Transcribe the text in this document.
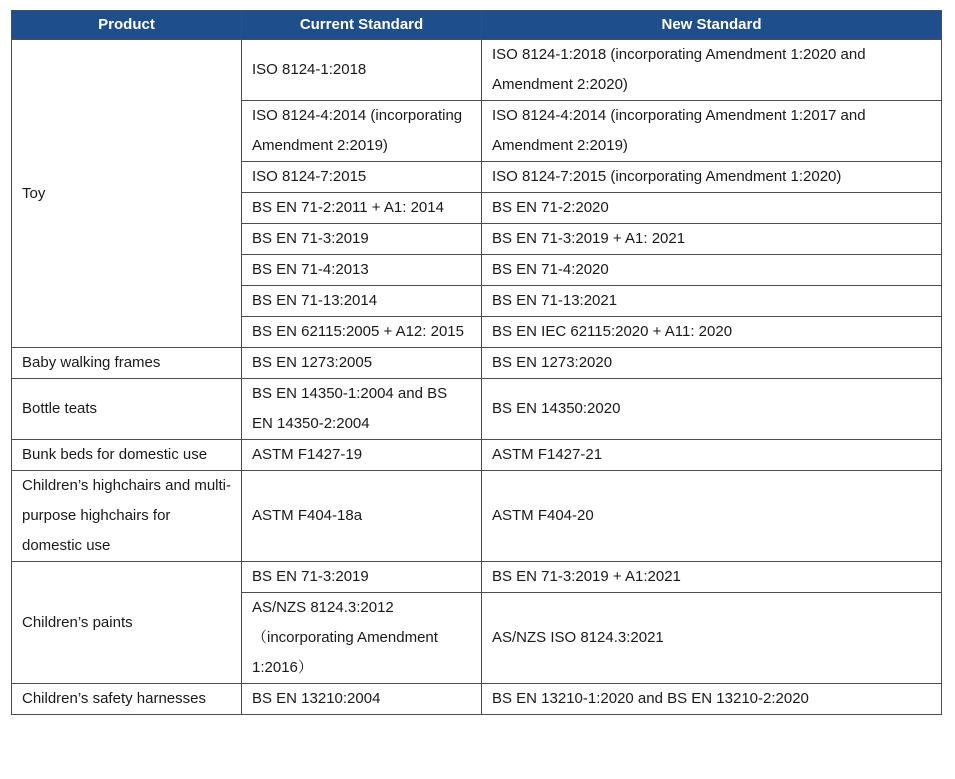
Product	Current Standard	New Standard
Toy	ISO 8124-1:2018	ISO 8124-1:2018 (incorporating Amendment 1:2020 and Amendment 2:2020)
	ISO 8124-4:2014 (incorporating Amendment 2:2019)	ISO 8124-4:2014 (incorporating Amendment 1:2017 and Amendment 2:2019)
	ISO 8124-7:2015	ISO 8124-7:2015 (incorporating Amendment 1:2020)
	BS EN 71-2:2011 + A1: 2014	BS EN 71-2:2020
	BS EN 71-3:2019	BS EN 71-3:2019 + A1: 2021
	BS EN 71-4:2013	BS EN 71-4:2020
	BS EN 71-13:2014	BS EN 71-13:2021
	BS EN 62115:2005 + A12: 2015	BS EN IEC 62115:2020 + A11: 2020
Baby walking frames	BS EN 1273:2005	BS EN 1273:2020
Bottle teats	BS EN 14350-1:2004 and BS EN 14350-2:2004	BS EN 14350:2020
Bunk beds for domestic use	ASTM F1427-19	ASTM F1427-21
Children’s highchairs and multi-purpose highchairs for domestic use	ASTM F404-18a	ASTM F404-20
Children’s paints	BS EN 71-3:2019	BS EN 71-3:2019 + A1:2021
	AS/NZS 8124.3:2012 （incorporating Amendment 1:2016）	AS/NZS ISO 8124.3:2021
Children’s safety harnesses	BS EN 13210:2004	BS EN 13210-1:2020 and BS EN 13210-2:2020
